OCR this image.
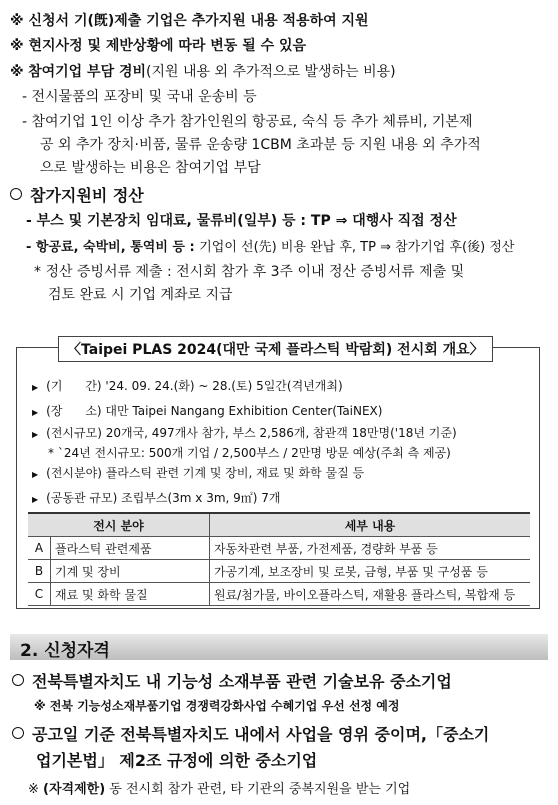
※ 신청서 기(旣)제출 기업은 추가지원 내용 적용하여 지원
※ 현지사정 및 제반상황에 따라 변동 될 수 있음
※ 참여기업 부담 경비(지원 내용 외 추가적으로 발생하는 비용)
- 전시물품의 포장비 및 국내 운송비 등
- 참여기업 1인 이상 추가 참가인원의 항공료, 숙식 등 추가 체류비, 기본제
공 외 추가 장치·비품, 물류 운송량 1CBM 초과분 등 지원 내용 외 추가적
으로 발생하는 비용은 참여기업 부담
참가지원비 정산
- 부스 및 기본장치 임대료, 물류비(일부) 등 : TP ⇒ 대행사 직접 정산
- 항공료, 숙박비, 통역비 등 : 기업이 선(先) 비용 완납 후, TP ⇒ 참가기업 후(後) 정산
* 정산 증빙서류 제출 : 전시회 참가 후 3주 이내 정산 증빙서류 제출 및
검토 완료 시 기업 계좌로 지급
〈Taipei PLAS 2024(대만 국제 플라스틱 박람회) 전시회 개요〉
▶ (기      간) '24. 09. 24.(화) ~ 28.(토) 5일간(격년개최)
▶ (장      소) 대만 Taipei Nangang Exhibition Center(TaiNEX)
▶ (전시규모) 20개국, 497개사 참가, 부스 2,586개, 참관객 18만명('18년 기준)
* `24년 전시규모: 500개 기업 / 2,500부스 / 2만명 방문 예상(주최 측 제공)
▶ (전시분야) 플라스틱 관련 기계 및 장비, 재료 및 화학 물질 등
▶ (공동관 규모) 조립부스(3m x 3m, 9㎡) 7개
전시 분야		세부 내용
A	플라스틱 관련제품	자동차관련 부품, 가전제품, 경량화 부품 등
B	기계 및 장비	가공기계, 보조장비 및 로봇, 금형, 부품 및 구성품 등
C	재료 및 화학 물질	원료/첨가물, 바이오플라스틱, 재활용 플라스틱, 복합재 등
2. 신청자격
전북특별자치도 내 기능성 소재부품 관련 기술보유 중소기업
※ 전북 기능성소재부품기업 경쟁력강화사업 수혜기업 우선 선정 예정
공고일 기준 전북특별자치도 내에서 사업을 영위 중이며,「중소기
업기본법」 제2조 규정에 의한 중소기업
※ (자격제한) 동 전시회 참가 관련, 타 기관의 중복지원을 받는 기업
